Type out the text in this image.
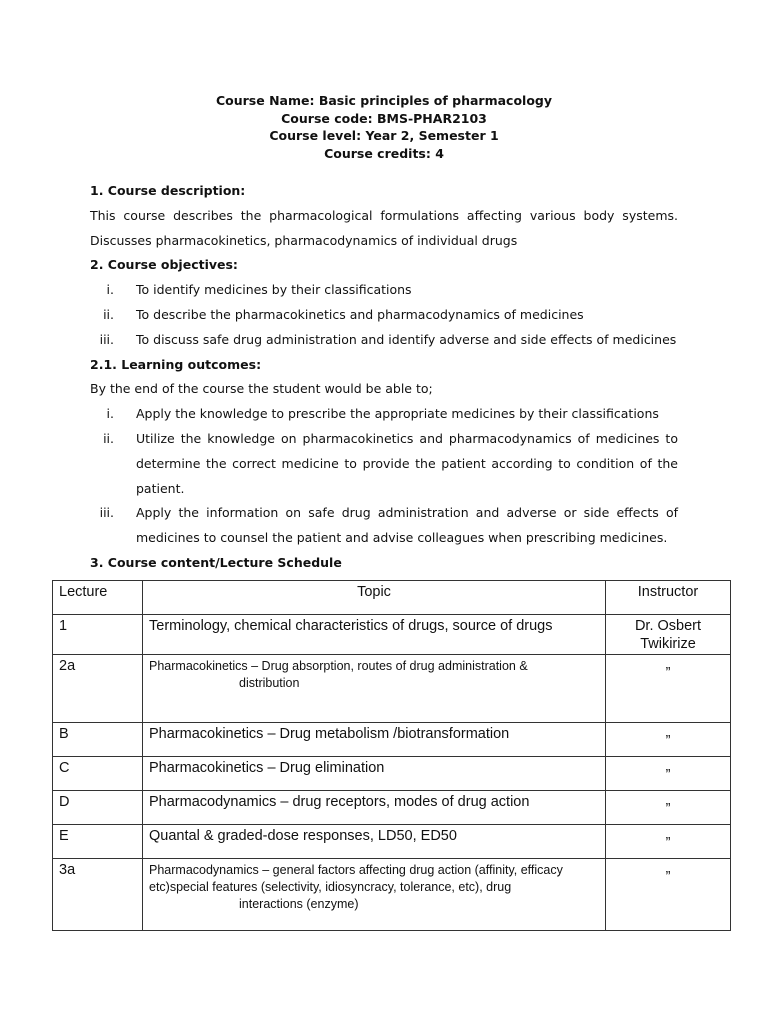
Course Name: Basic principles of pharmacology
Course code: BMS-PHAR2103
Course level: Year 2, Semester 1
Course credits: 4
1. Course description:
This course describes the pharmacological formulations affecting various body systems.
Discusses pharmacokinetics, pharmacodynamics of individual drugs
2. Course objectives:
i. To identify medicines by their classifications
ii. To describe the pharmacokinetics and pharmacodynamics of medicines
iii. To discuss safe drug administration and identify adverse and side effects of medicines
2.1. Learning outcomes:
By the end of the course the student would be able to;
i. Apply the knowledge to prescribe the appropriate medicines by their classifications
ii. Utilize the knowledge on pharmacokinetics and pharmacodynamics of medicines to determine the correct medicine to provide the patient according to condition of the patient.
iii. Apply the information on safe drug administration and adverse or side effects of medicines to counsel the patient and advise colleagues when prescribing medicines.
3. Course content/Lecture Schedule
Lecture	Topic	Instructor
1	Terminology, chemical characteristics of drugs, source of drugs	Dr. Osbert Twikirize
2a	Pharmacokinetics – Drug absorption, routes of drug administration &
distribution	”
B	Pharmacokinetics – Drug metabolism /biotransformation	”
C	Pharmacokinetics – Drug elimination	”
D	Pharmacodynamics – drug receptors, modes of drug action	”
E	Quantal & graded-dose responses, LD50, ED50	”
3a	Pharmacodynamics – general factors affecting drug action (affinity, efficacy
etc)special features (selectivity, idiosyncracy, tolerance, etc), drug
interactions (enzyme)	”
